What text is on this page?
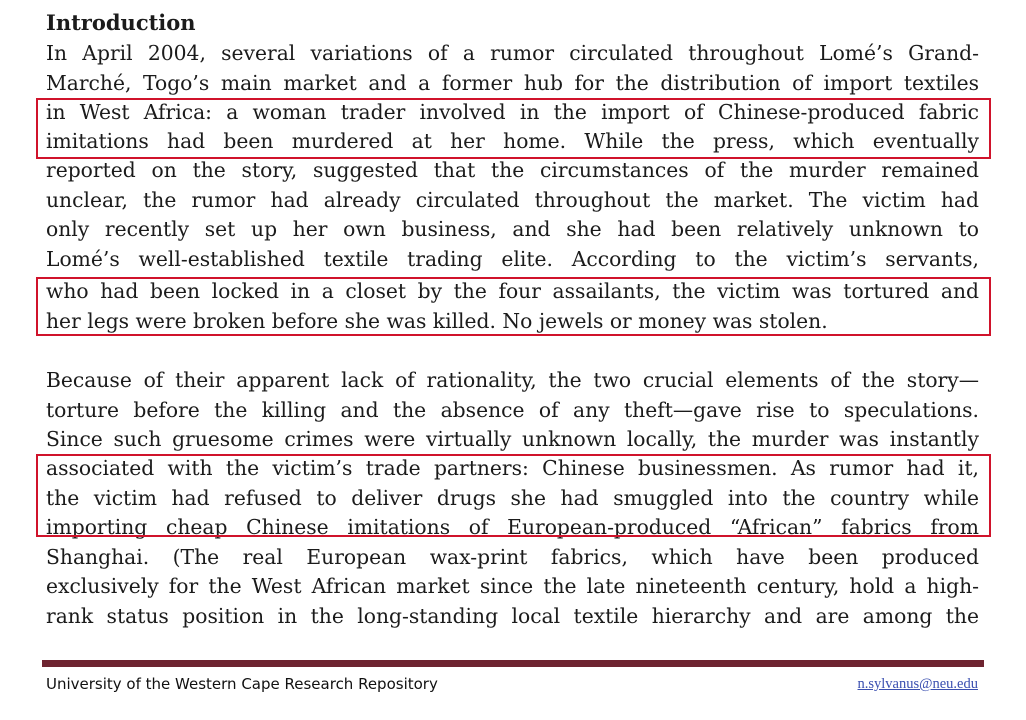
Introduction
In April 2004, several variations of a rumor circulated throughout Lomé’s Grand-
Marché, Togo’s main market and a former hub for the distribution of import textiles
in West Africa: a woman trader involved in the import of Chinese-produced fabric
imitations had been murdered at her home. While the press, which eventually
reported on the story, suggested that the circumstances of the murder remained
unclear, the rumor had already circulated throughout the market. The victim had
only recently set up her own business, and she had been relatively unknown to
Lomé’s well-established textile trading elite. According to the victim’s servants,
who had been locked in a closet by the four assailants, the victim was tortured and
her legs were broken before she was killed. No jewels or money was stolen.
Because of their apparent lack of rationality, the two crucial elements of the story—
torture before the killing and the absence of any theft—gave rise to speculations.
Since such gruesome crimes were virtually unknown locally, the murder was instantly
associated with the victim’s trade partners: Chinese businessmen. As rumor had it,
the victim had refused to deliver drugs she had smuggled into the country while
importing cheap Chinese imitations of European-produced “African” fabrics from
Shanghai. (The real European wax-print fabrics, which have been produced
exclusively for the West African market since the late nineteenth century, hold a high-
rank status position in the long-standing local textile hierarchy and are among the
University of the Western Cape Research Repository	n.sylvanus@neu.edu
